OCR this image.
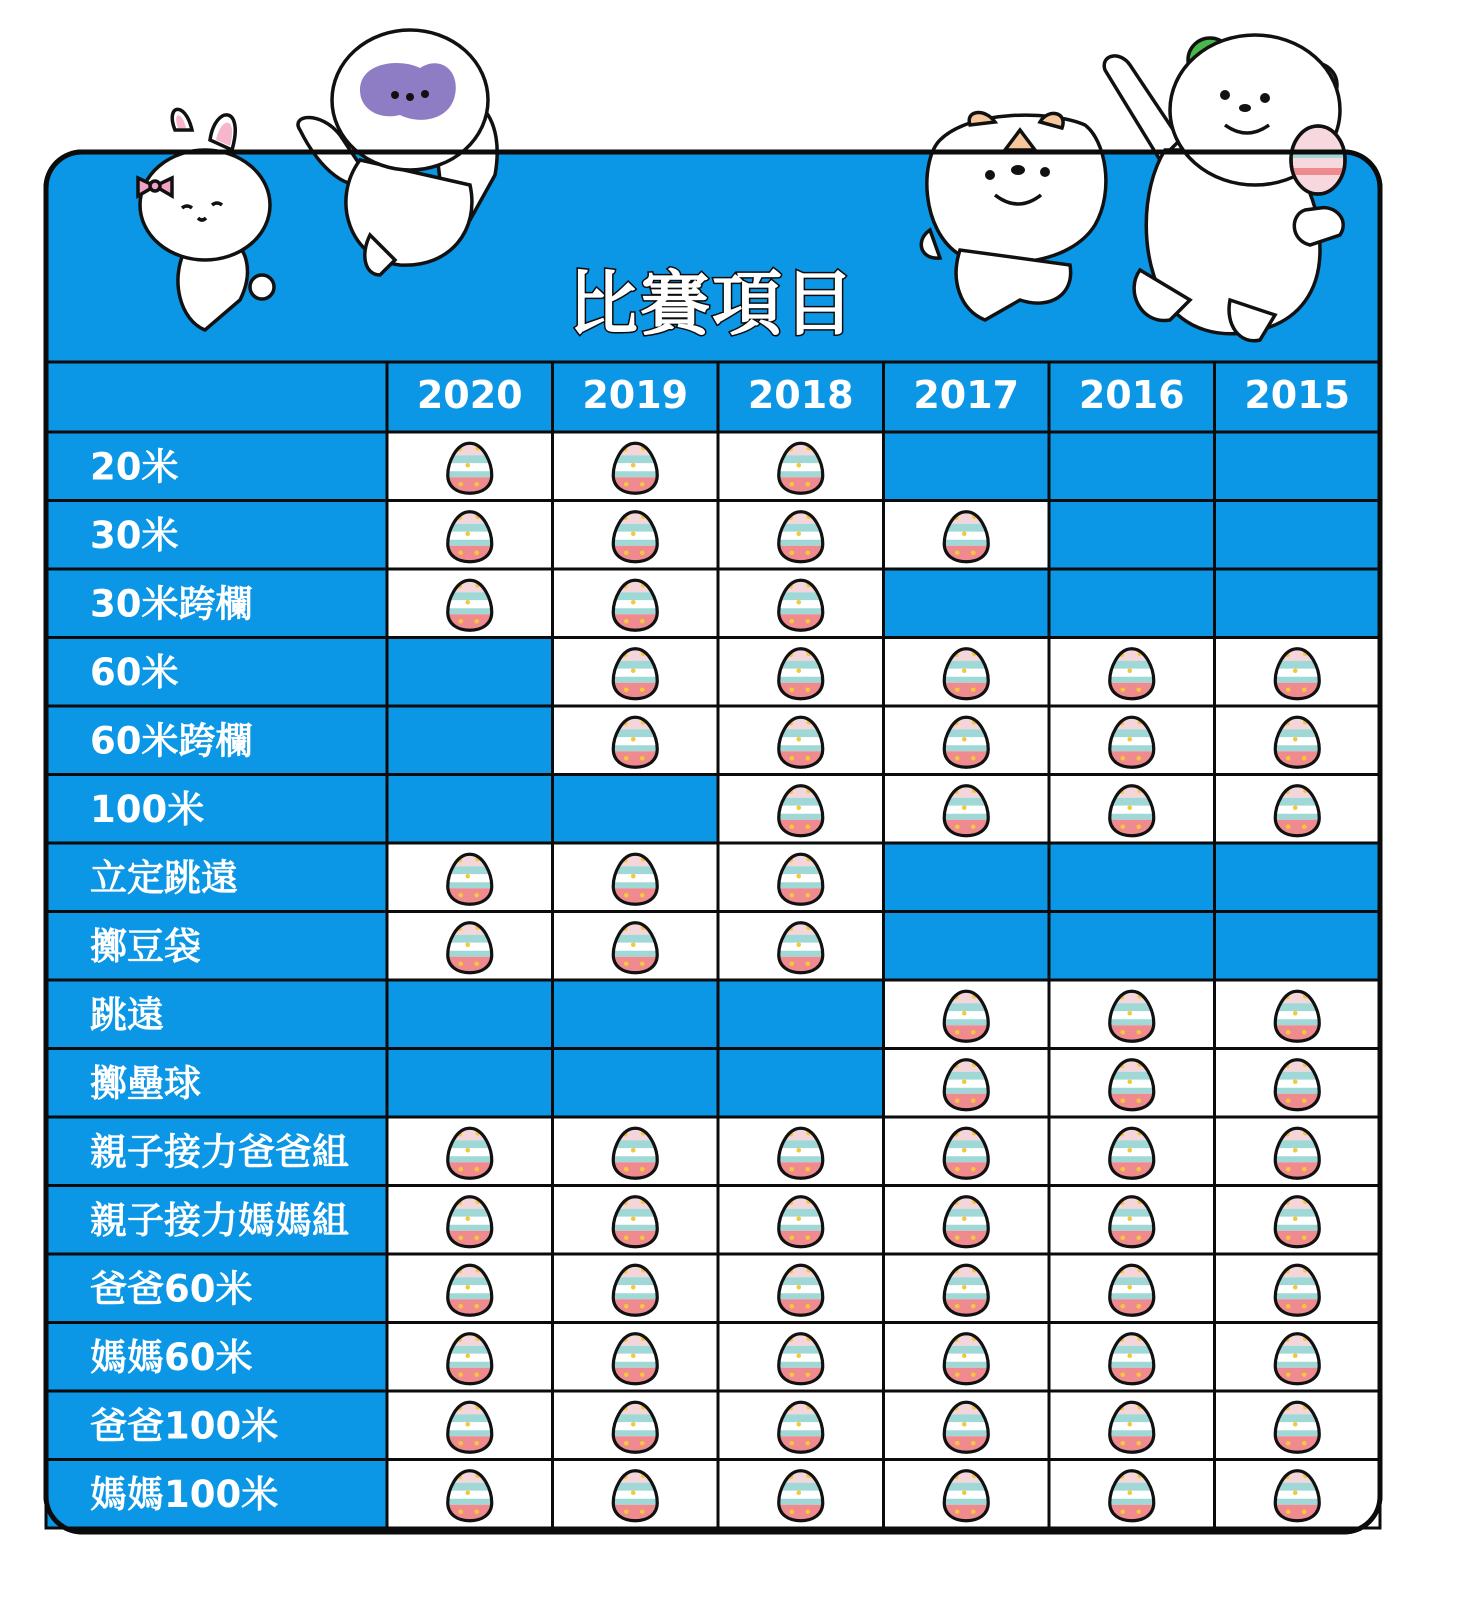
比賽項目
2020 2019 2018 2017 2016 2015
20米
30米
30米跨欄
60米
60米跨欄
100米
立定跳遠
擲豆袋
跳遠
擲壘球
親子接力爸爸組
親子接力媽媽組
爸爸60米
媽媽60米
爸爸100米
媽媽100米
